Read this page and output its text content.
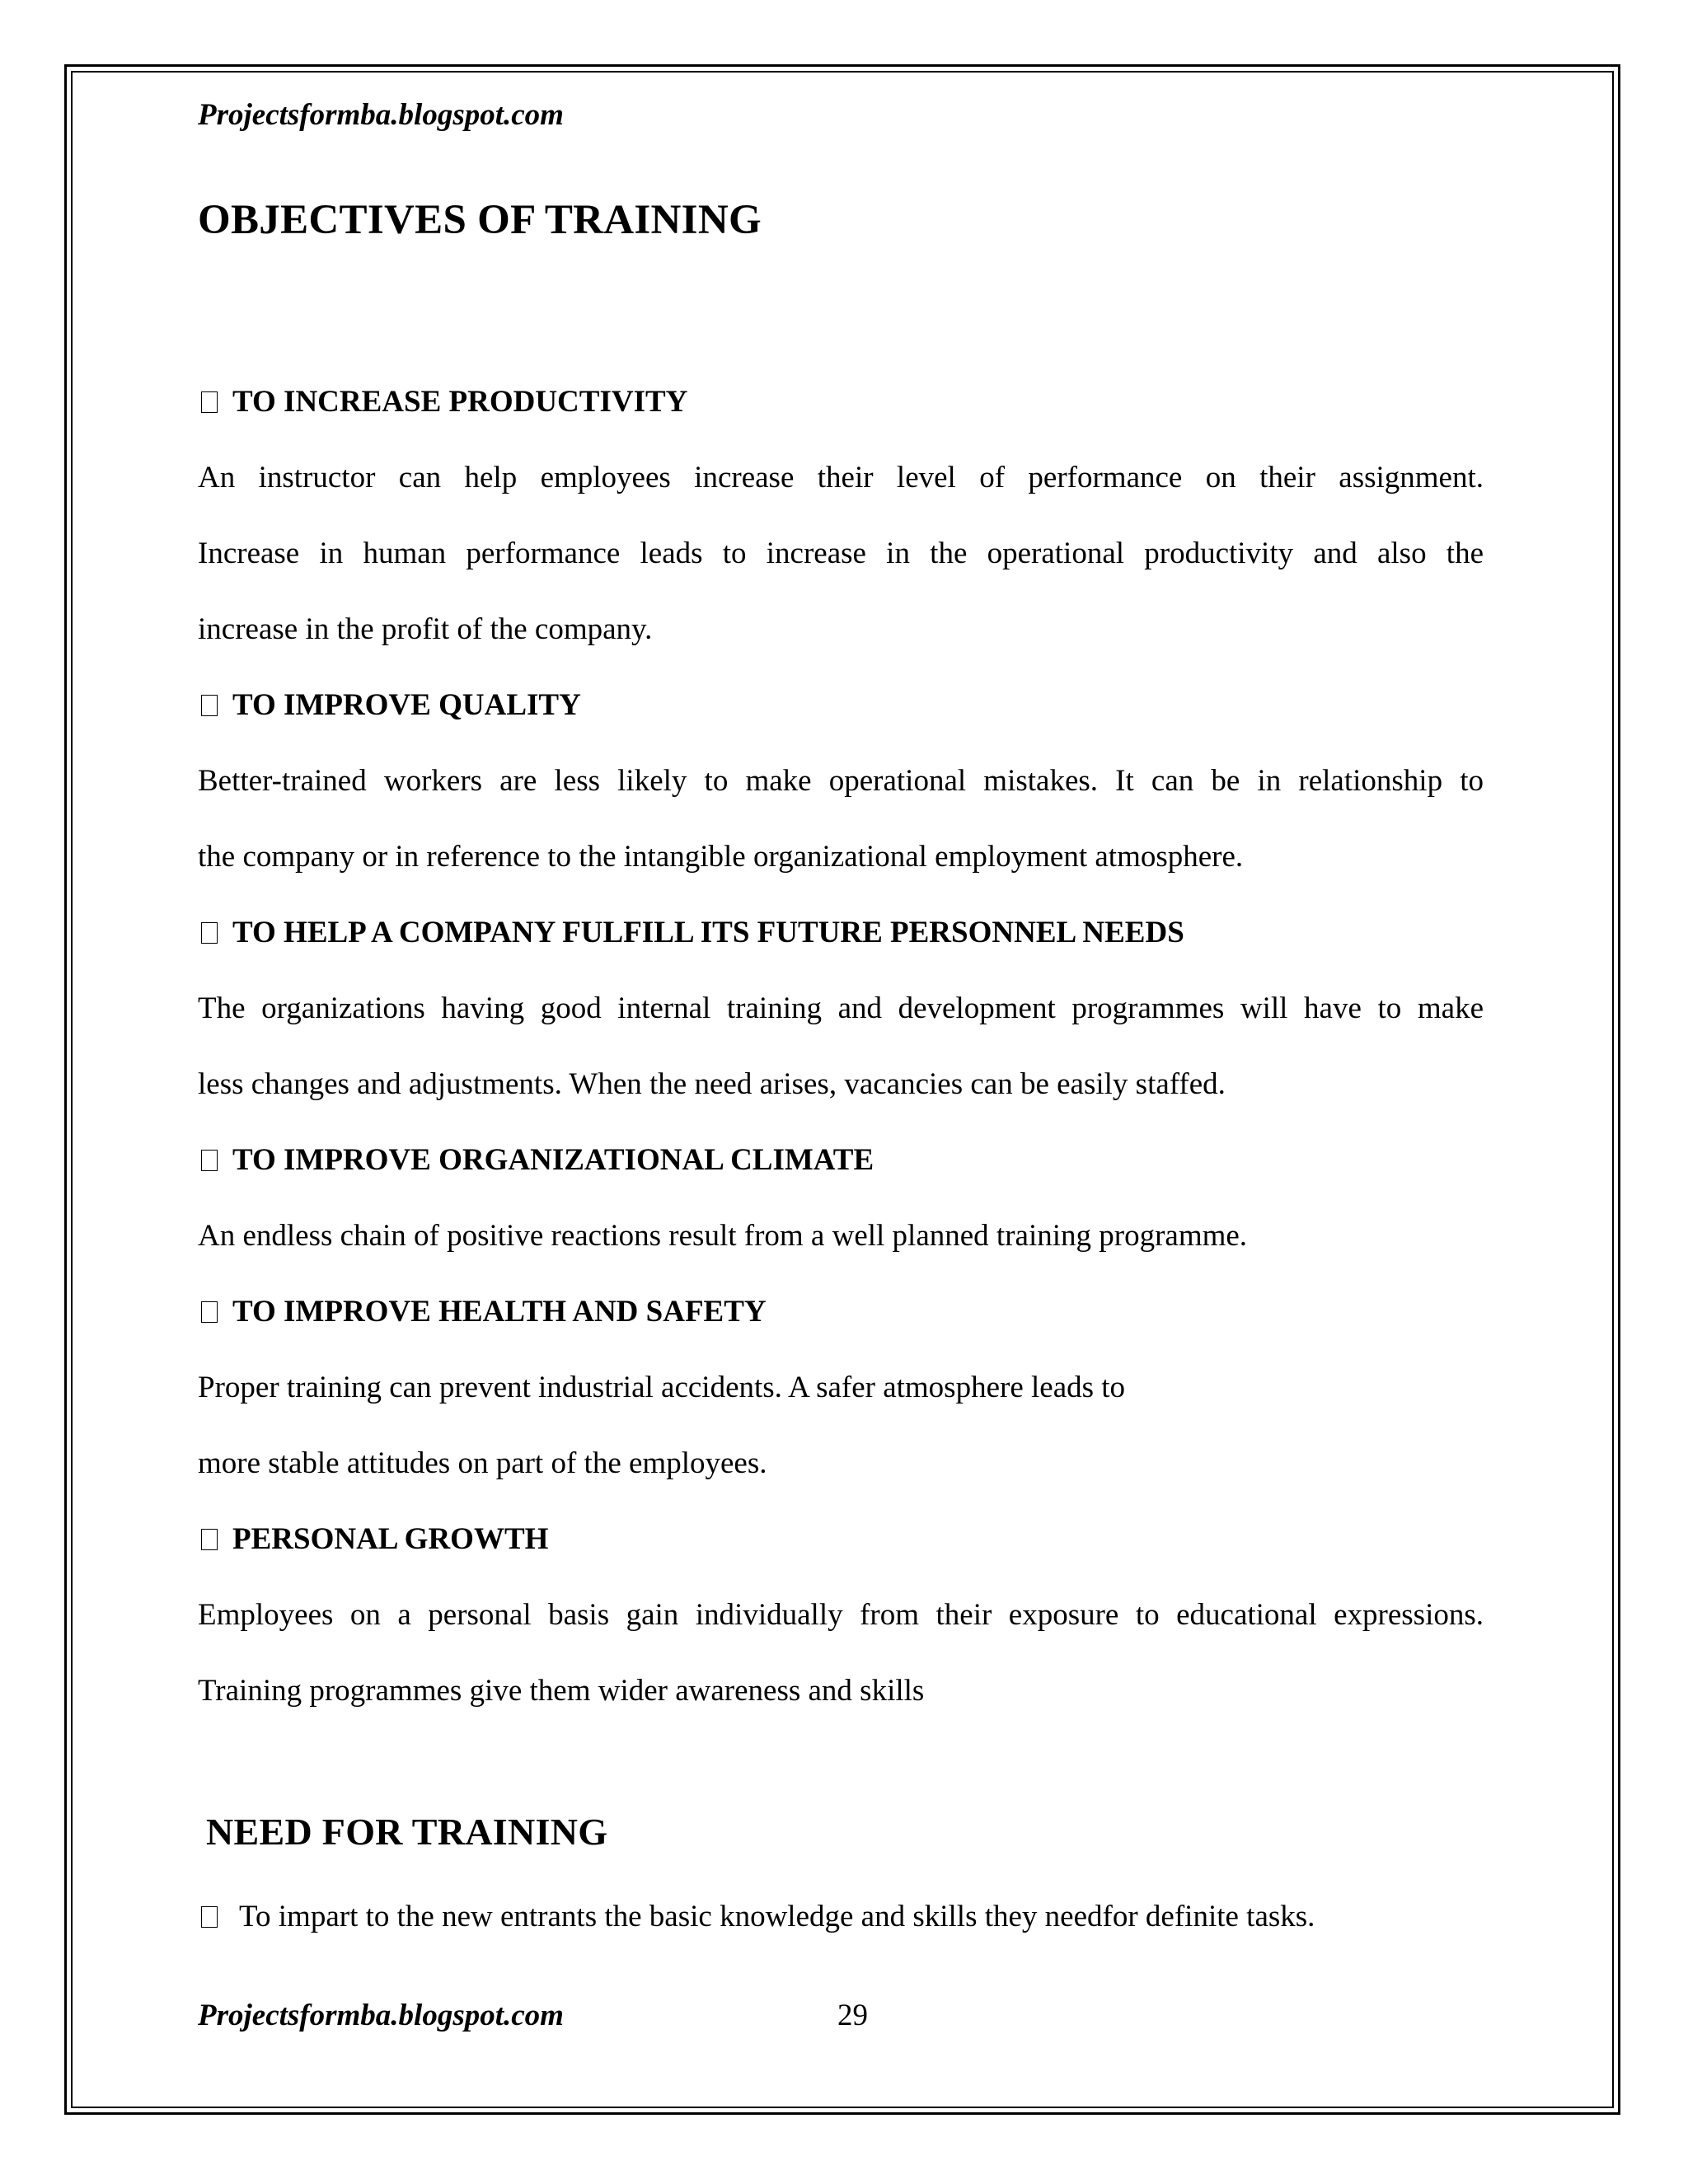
Projectsformba.blogspot.com

OBJECTIVES OF TRAINING

TO INCREASE PRODUCTIVITY

An instructor can help employees increase their level of performance on their assignment.

Increase in human performance leads to increase in the operational productivity and also the

increase in the profit of the company.

TO IMPROVE QUALITY

Better-trained workers are less likely to make operational mistakes. It can be in relationship to

the company or in reference to the intangible organizational employment atmosphere.

TO HELP A COMPANY FULFILL ITS FUTURE PERSONNEL NEEDS

The organizations having good internal training and development programmes will have to make

less changes and adjustments. When the need arises, vacancies can be easily staffed.

TO IMPROVE ORGANIZATIONAL CLIMATE

An endless chain of positive reactions result from a well planned training programme.

TO IMPROVE HEALTH AND SAFETY

Proper training can prevent industrial accidents. A safer atmosphere leads to

more stable attitudes on part of the employees.

PERSONAL GROWTH

Employees on a personal basis gain individually from their exposure to educational expressions.

Training programmes give them wider awareness and skills

NEED FOR TRAINING

To impart to the new entrants the basic knowledge and skills they needfor definite tasks.

Projectsformba.blogspot.com	29
